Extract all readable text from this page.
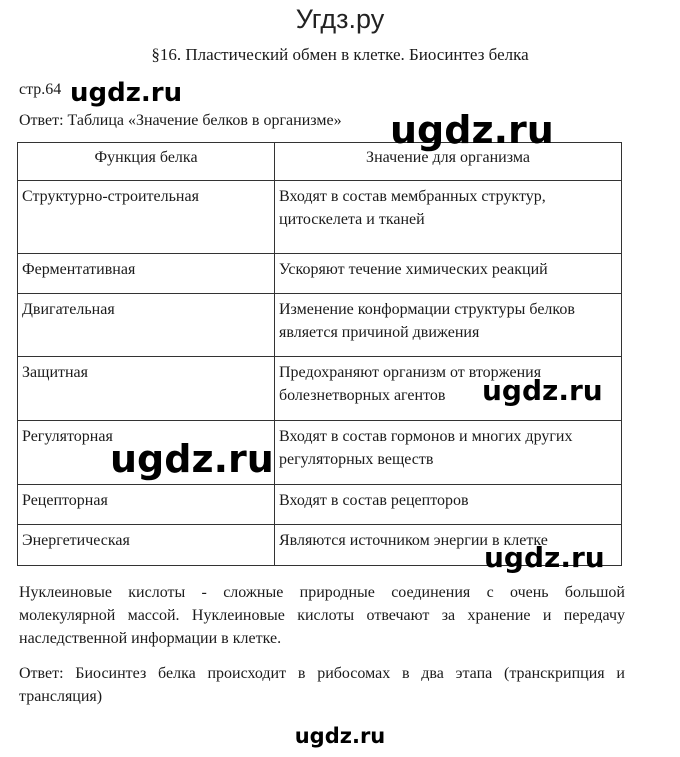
Угдз.ру
§16. Пластический обмен в клетке. Биосинтез белка
стр.64
Ответ: Таблица «Значение белков в организме»
Функция белка	Значение для организма
Структурно-строительная	Входят в состав мембранных структур, цитоскелета и тканей
Ферментативная	Ускоряют течение химических реакций
Двигательная	Изменение конформации структуры белков является причиной движения
Защитная	Предохраняют организм от вторжения болезнетворных агентов
Регуляторная	Входят в состав гормонов и многих других регуляторных веществ
Рецепторная	Входят в состав рецепторов
Энергетическая	Являются источником энергии в клетке
Нуклеиновые кислоты - сложные природные соединения с очень большой молекулярной массой. Нуклеиновые кислоты отвечают за хранение и передачу наследственной информации в клетке.
Ответ: Биосинтез белка происходит в рибосомах в два этапа (транскрипция и трансляция)
ugdz.ru
ugdz.ru
ugdz.ru
ugdz.ru
ugdz.ru
ugdz.ru
